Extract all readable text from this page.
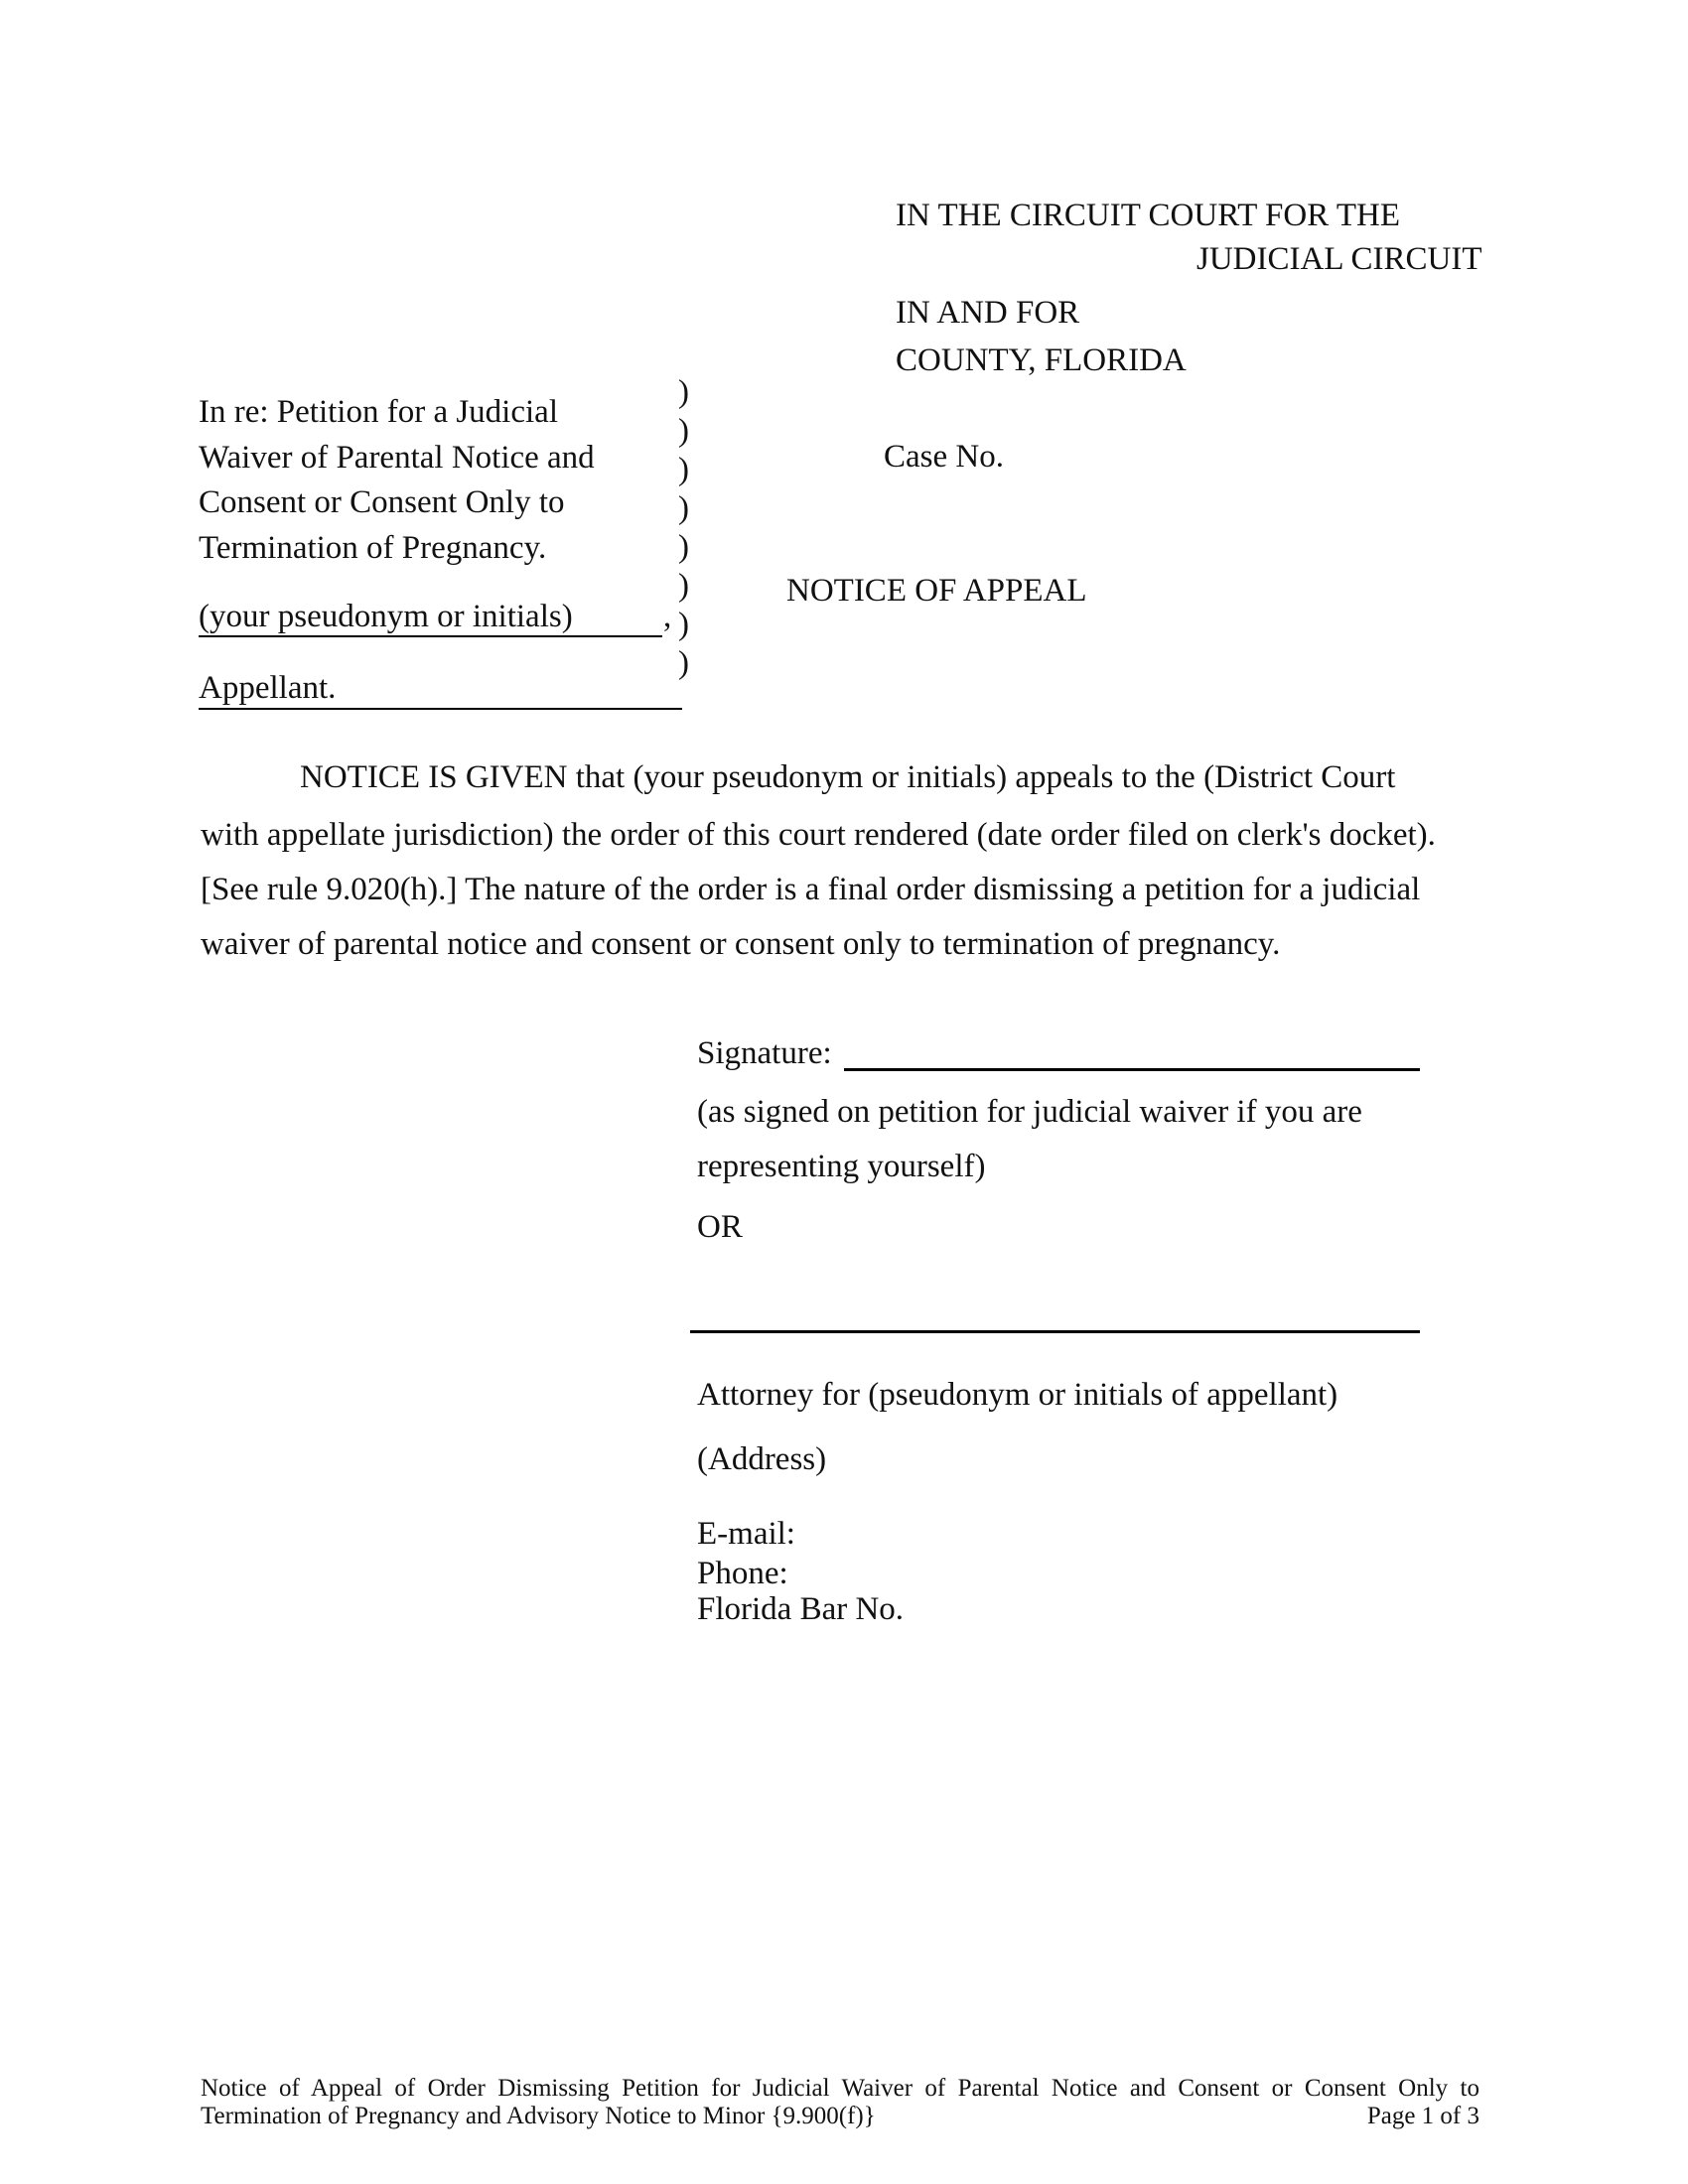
IN THE CIRCUIT COURT FOR THE
JUDICIAL CIRCUIT
IN AND FOR
COUNTY, FLORIDA
In re: Petition for a Judicial
Waiver of Parental Notice and
Consent or Consent Only to
Termination of Pregnancy.
(your pseudonym or initials)	,
Appellant.
)
)
)
)
)
)
)
)
Case No.
NOTICE OF APPEAL
NOTICE IS GIVEN that (your pseudonym or initials) appeals to the (District Court
with appellate jurisdiction) the order of this court rendered (date order filed on clerk's docket).
[See rule 9.020(h).] The nature of the order is a final order dismissing a petition for a judicial
waiver of parental notice and consent or consent only to termination of pregnancy.
Signature:
(as signed on petition for judicial waiver if you are
representing yourself)
OR
Attorney for (pseudonym or initials of appellant)
(Address)
E-mail:
Phone:
Florida Bar No.
Notice of Appeal of Order Dismissing Petition for Judicial Waiver of Parental Notice and Consent or Consent Only to
Termination of Pregnancy and Advisory Notice to Minor {9.900(f)}	Page 1 of 3
